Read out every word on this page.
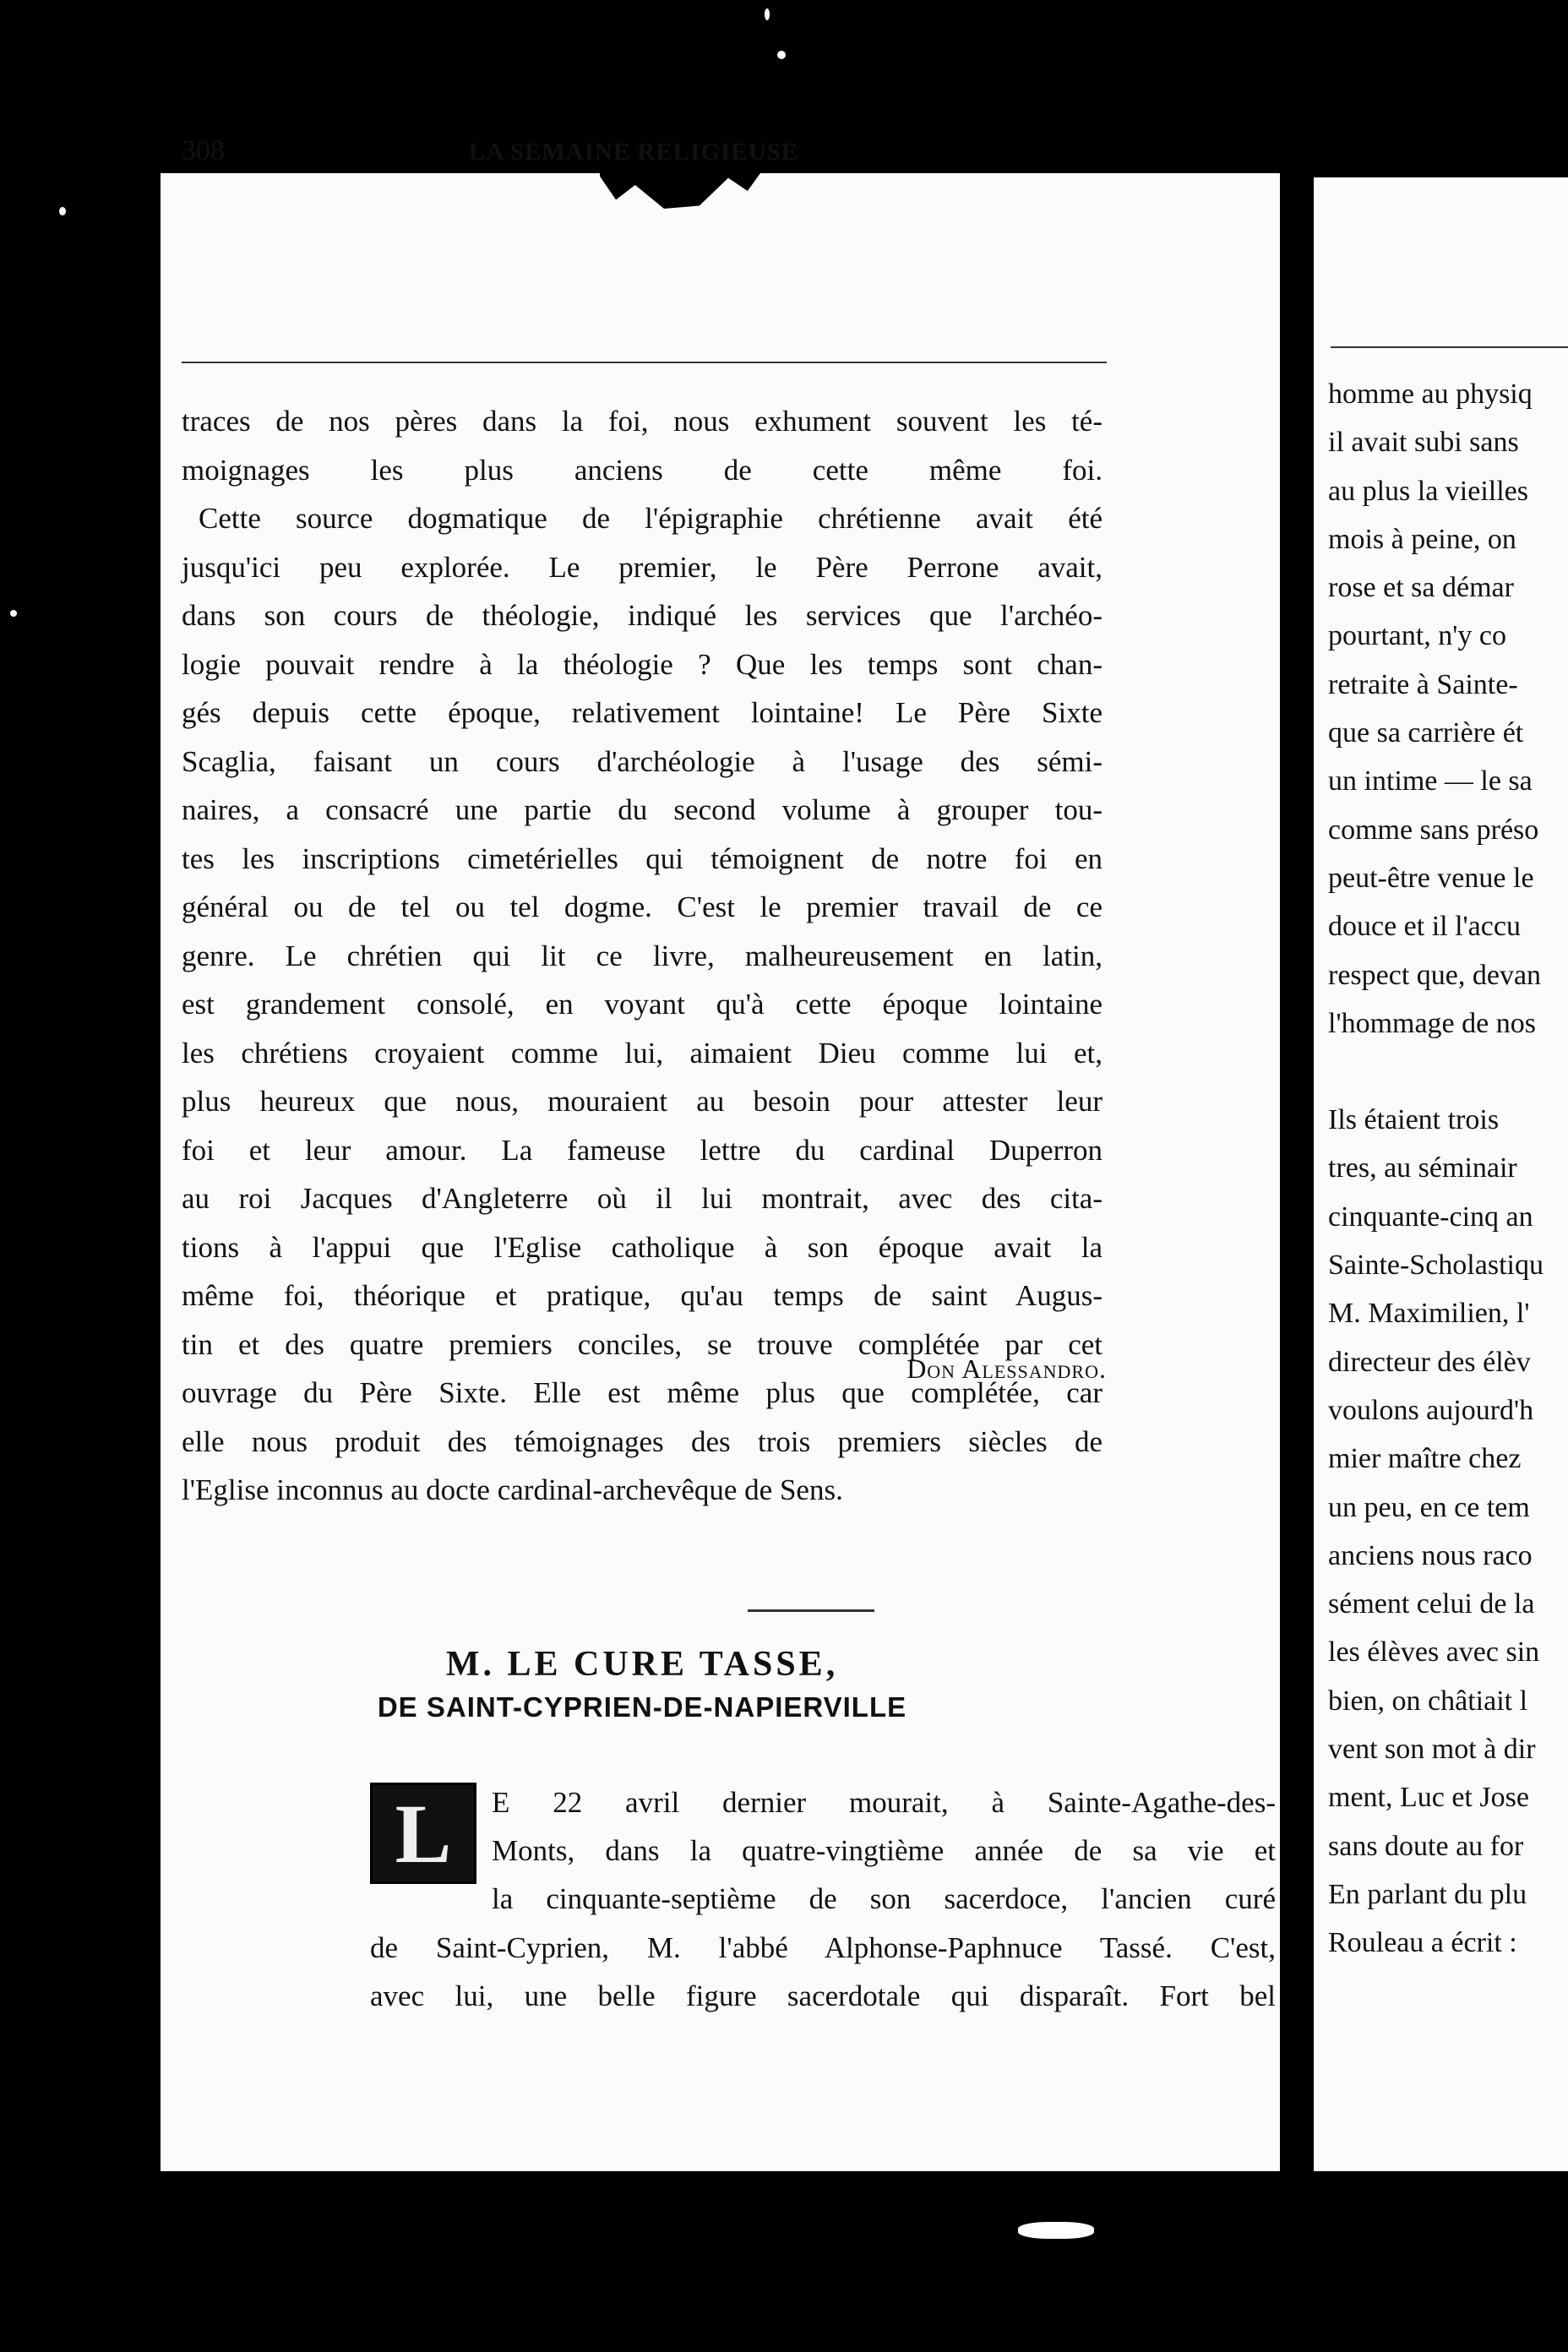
308	LA SEMAINE RELIGIEUSE
traces de nos pères dans la foi, nous exhument souvent les té-
moignages les plus anciens de cette même foi.
Cette source dogmatique de l'épigraphie chrétienne avait été
jusqu'ici peu explorée. Le premier, le Père Perrone avait,
dans son cours de théologie, indiqué les services que l'archéo-
logie pouvait rendre à la théologie ? Que les temps sont chan-
gés depuis cette époque, relativement lointaine! Le Père Sixte
Scaglia, faisant un cours d'archéologie à l'usage des sémi-
naires, a consacré une partie du second volume à grouper tou-
tes les inscriptions cimetérielles qui témoignent de notre foi en
général ou de tel ou tel dogme. C'est le premier travail de ce
genre. Le chrétien qui lit ce livre, malheureusement en latin,
est grandement consolé, en voyant qu'à cette époque lointaine
les chrétiens croyaient comme lui, aimaient Dieu comme lui et,
plus heureux que nous, mouraient au besoin pour attester leur
foi et leur amour. La fameuse lettre du cardinal Duperron
au roi Jacques d'Angleterre où il lui montrait, avec des cita-
tions à l'appui que l'Eglise catholique à son époque avait la
même foi, théorique et pratique, qu'au temps de saint Augus-
tin et des quatre premiers conciles, se trouve complétée par cet
ouvrage du Père Sixte. Elle est même plus que complétée, car
elle nous produit des témoignages des trois premiers siècles de
l'Eglise inconnus au docte cardinal-archevêque de Sens.
Don Alessandro.
M. LE CURE TASSE,
DE SAINT-CYPRIEN-DE-NAPIERVILLE
L	E 22 avril dernier mourait, à Sainte-Agathe-des-
Monts, dans la quatre-vingtième année de sa vie et
la cinquante-septième de son sacerdoce, l'ancien curé
de Saint-Cyprien, M. l'abbé Alphonse-Paphnuce Tassé. C'est,
avec lui, une belle figure sacerdotale qui disparaît. Fort bel
homme au physiq
il avait subi sans
au plus la vieilles
mois à peine, on
rose et sa démar
pourtant, n'y co
retraite à Sainte-
que sa carrière ét
un intime — le sa
comme sans préso
peut-être venue le
douce et il l'accu
respect que, devan
l'hommage de nos
Ils étaient trois
tres, au séminair
cinquante-cinq an
Sainte-Scholastiqu
M. Maximilien, l'
directeur des élèv
voulons aujourd'h
mier maître chez
un peu, en ce tem
anciens nous raco
sément celui de la
les élèves avec sin
bien, on châtiait l
vent son mot à dir
ment, Luc et Jose
sans doute au for
En parlant du plu
Rouleau a écrit :
